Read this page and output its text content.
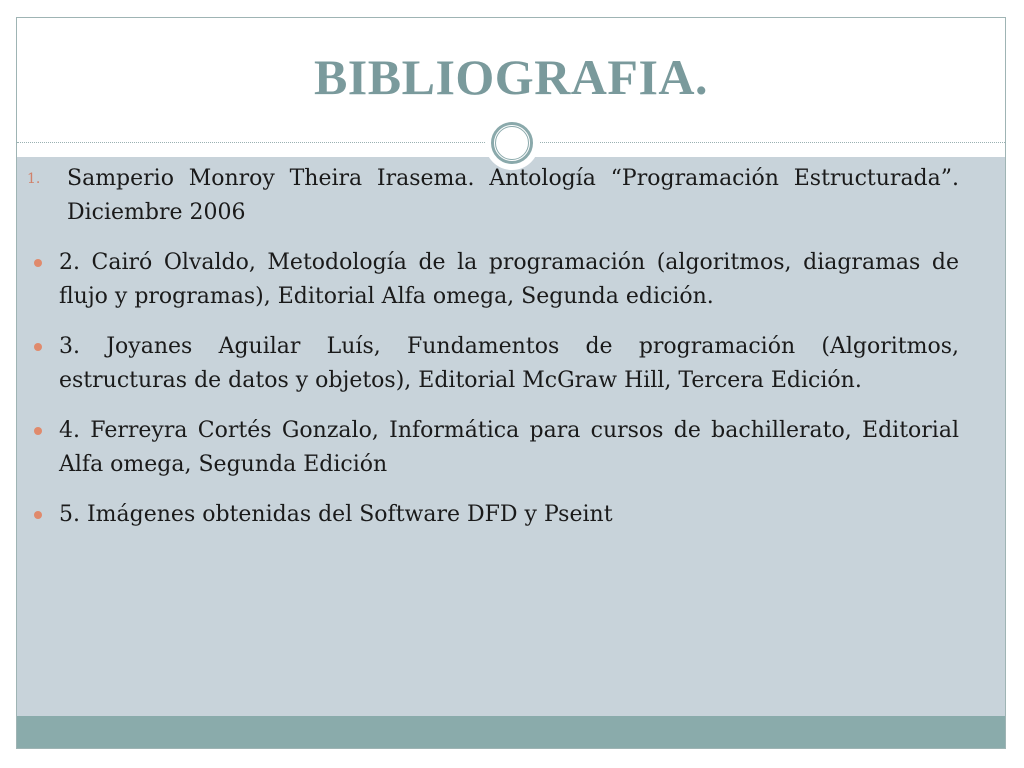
BIBLIOGRAFIA.
1. Samperio Monroy Theira Irasema. Antología “Programación Estructurada”. Diciembre 2006
2. Cairó Olvaldo, Metodología de la programación (algoritmos, diagramas de flujo y programas), Editorial Alfa omega, Segunda edición.
3. Joyanes Aguilar Luís, Fundamentos de programación (Algoritmos, estructuras de datos y objetos), Editorial McGraw Hill, Tercera Edición.
4. Ferreyra Cortés Gonzalo, Informática para cursos de bachillerato, Editorial Alfa omega, Segunda Edición
5. Imágenes obtenidas del Software DFD y Pseint
